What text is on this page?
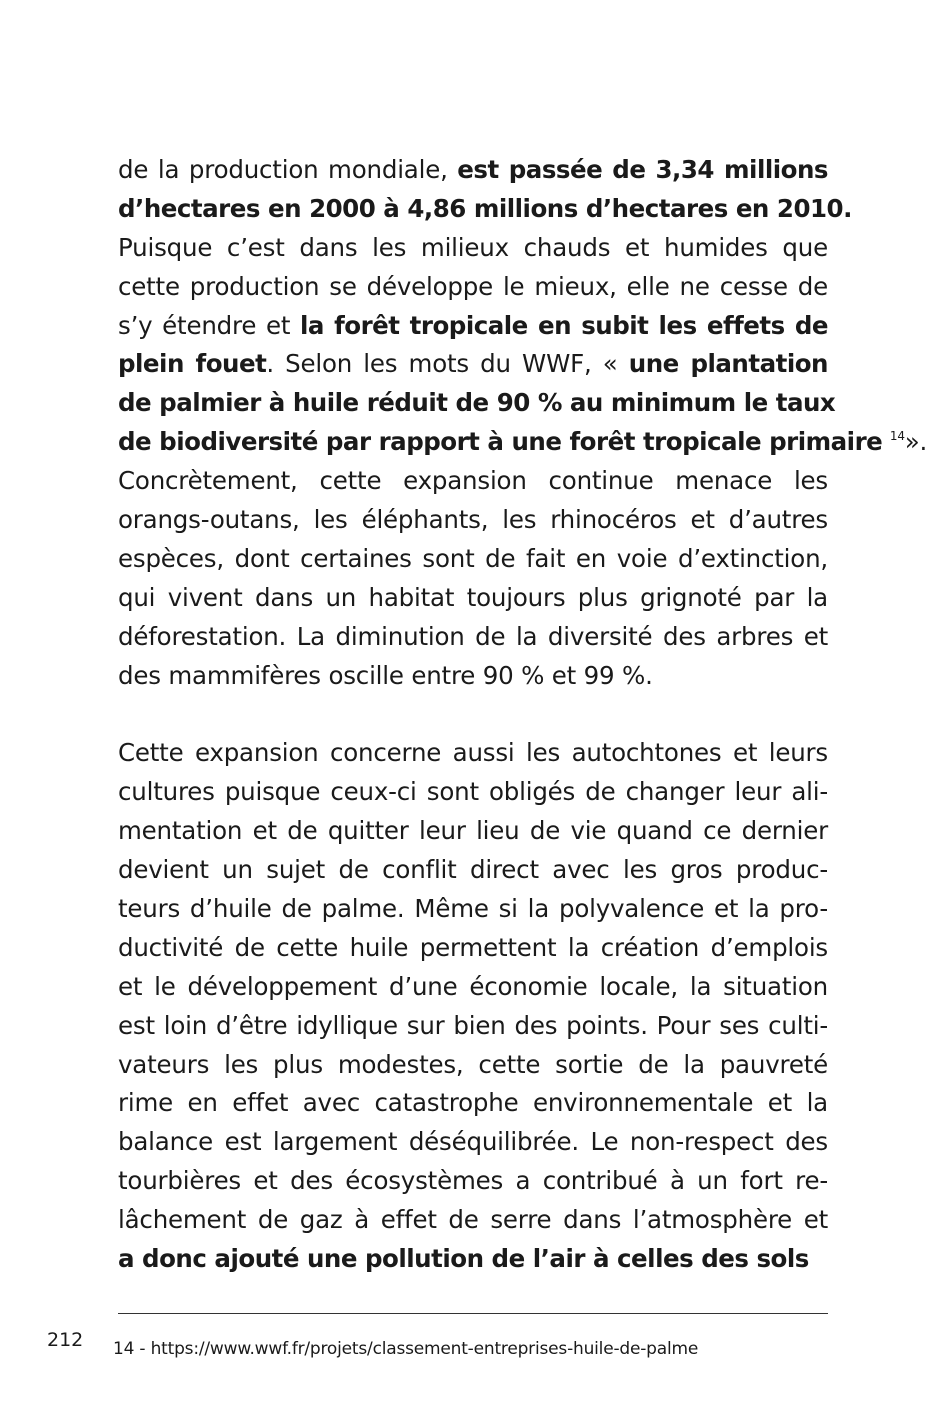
de la production mondiale, est passée de 3,34 millions
d’hectares en 2000 à 4,86 millions d’hectares en 2010.
Puisque c’est dans les milieux chauds et humides que
cette production se développe le mieux, elle ne cesse de
s’y étendre et la forêt tropicale en subit les effets de
plein fouet. Selon les mots du WWF, « une plantation
de palmier à huile réduit de 90 % au minimum le taux
de biodiversité par rapport à une forêt tropicale primaire $^{14}$».
Concrètement, cette expansion continue menace les
orangs-outans, les éléphants, les rhinocéros et d’autres
espèces, dont certaines sont de fait en voie d’extinction,
qui vivent dans un habitat toujours plus grignoté par la
déforestation. La diminution de la diversité des arbres et
des mammifères oscille entre 90 % et 99 %.
Cette expansion concerne aussi les autochtones et leurs
cultures puisque ceux-ci sont obligés de changer leur ali-
mentation et de quitter leur lieu de vie quand ce dernier
devient un sujet de conflit direct avec les gros produc-
teurs d’huile de palme. Même si la polyvalence et la pro-
ductivité de cette huile permettent la création d’emplois
et le développement d’une économie locale, la situation
est loin d’être idyllique sur bien des points. Pour ses culti-
vateurs les plus modestes, cette sortie de la pauvreté
rime en effet avec catastrophe environnementale et la
balance est largement déséquilibrée. Le non-respect des
tourbières et des écosystèmes a contribué à un fort re-
lâchement de gaz à effet de serre dans l’atmosphère et
a donc ajouté une pollution de l’air à celles des sols
212 14 - https://www.wwf.fr/projets/classement-entreprises-huile-de-palme
